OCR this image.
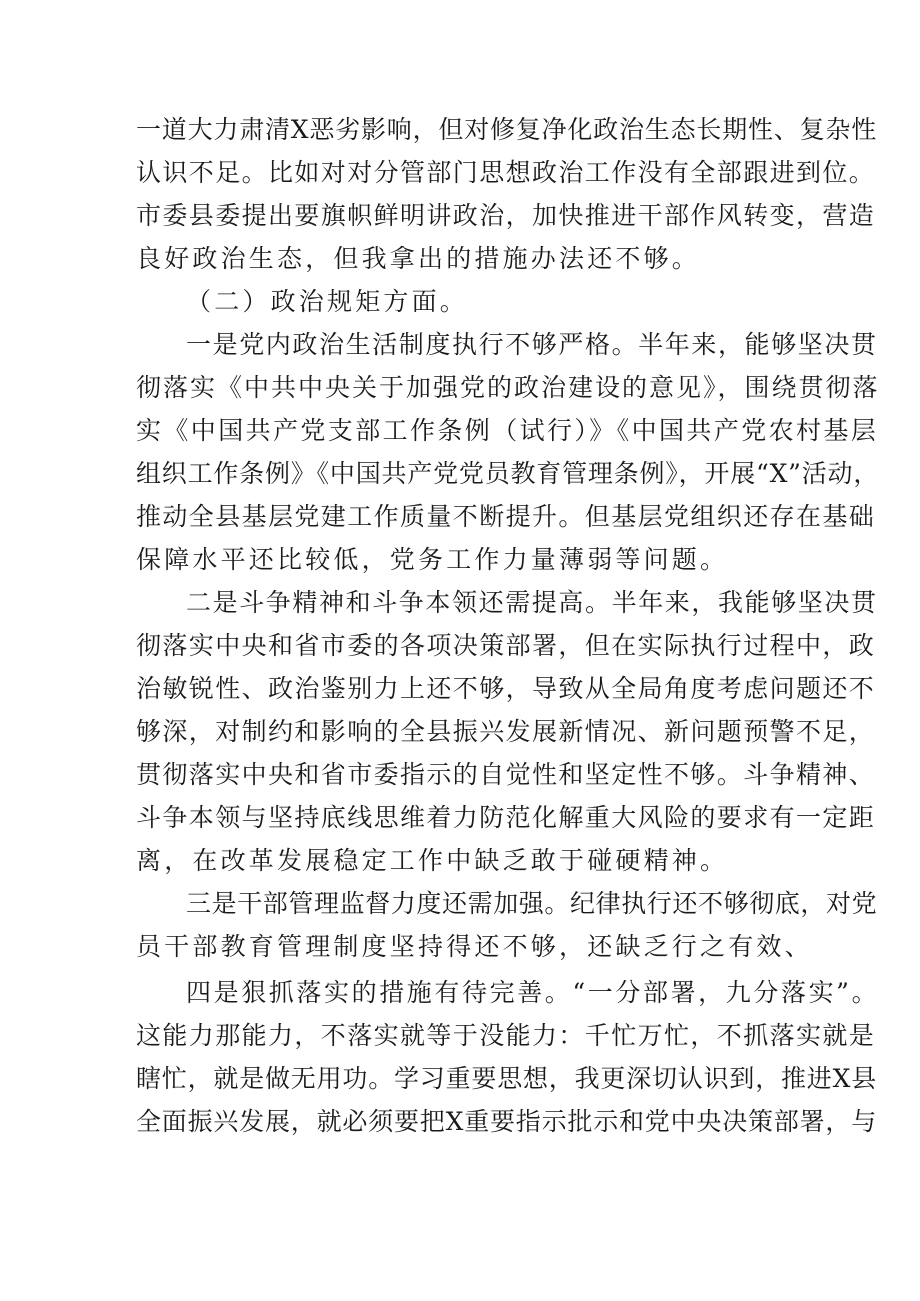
一道大力肃清X恶劣影响，但对修复净化政治生态长期性、复杂性
认识不足。比如对对分管部门思想政治工作没有全部跟进到位。
市委县委提出要旗帜鲜明讲政治，加快推进干部作风转变，营造
良好政治生态，但我拿出的措施办法还不够。
（二）政治规矩方面。
一是党内政治生活制度执行不够严格。半年来，能够坚决贯
彻落实《中共中央关于加强党的政治建设的意见》，围绕贯彻落
实《中国共产党支部工作条例（试行）》《中国共产党农村基层
组织工作条例》《中国共产党党员教育管理条例》，开展“X”活动，
推动全县基层党建工作质量不断提升。但基层党组织还存在基础
保障水平还比较低，党务工作力量薄弱等问题。
二是斗争精神和斗争本领还需提高。半年来，我能够坚决贯
彻落实中央和省市委的各项决策部署，但在实际执行过程中，政
治敏锐性、政治鉴别力上还不够，导致从全局角度考虑问题还不
够深，对制约和影响的全县振兴发展新情况、新问题预警不足，
贯彻落实中央和省市委指示的自觉性和坚定性不够。斗争精神、
斗争本领与坚持底线思维着力防范化解重大风险的要求有一定距
离，在改革发展稳定工作中缺乏敢于碰硬精神。
三是干部管理监督力度还需加强。纪律执行还不够彻底，对党
员干部教育管理制度坚持得还不够，还缺乏行之有效、
四是狠抓落实的措施有待完善。“一分部署，九分落实”。
这能力那能力，不落实就等于没能力：千忙万忙，不抓落实就是
瞎忙，就是做无用功。学习重要思想，我更深切认识到，推进X县
全面振兴发展，就必须要把X重要指示批示和党中央决策部署，与
